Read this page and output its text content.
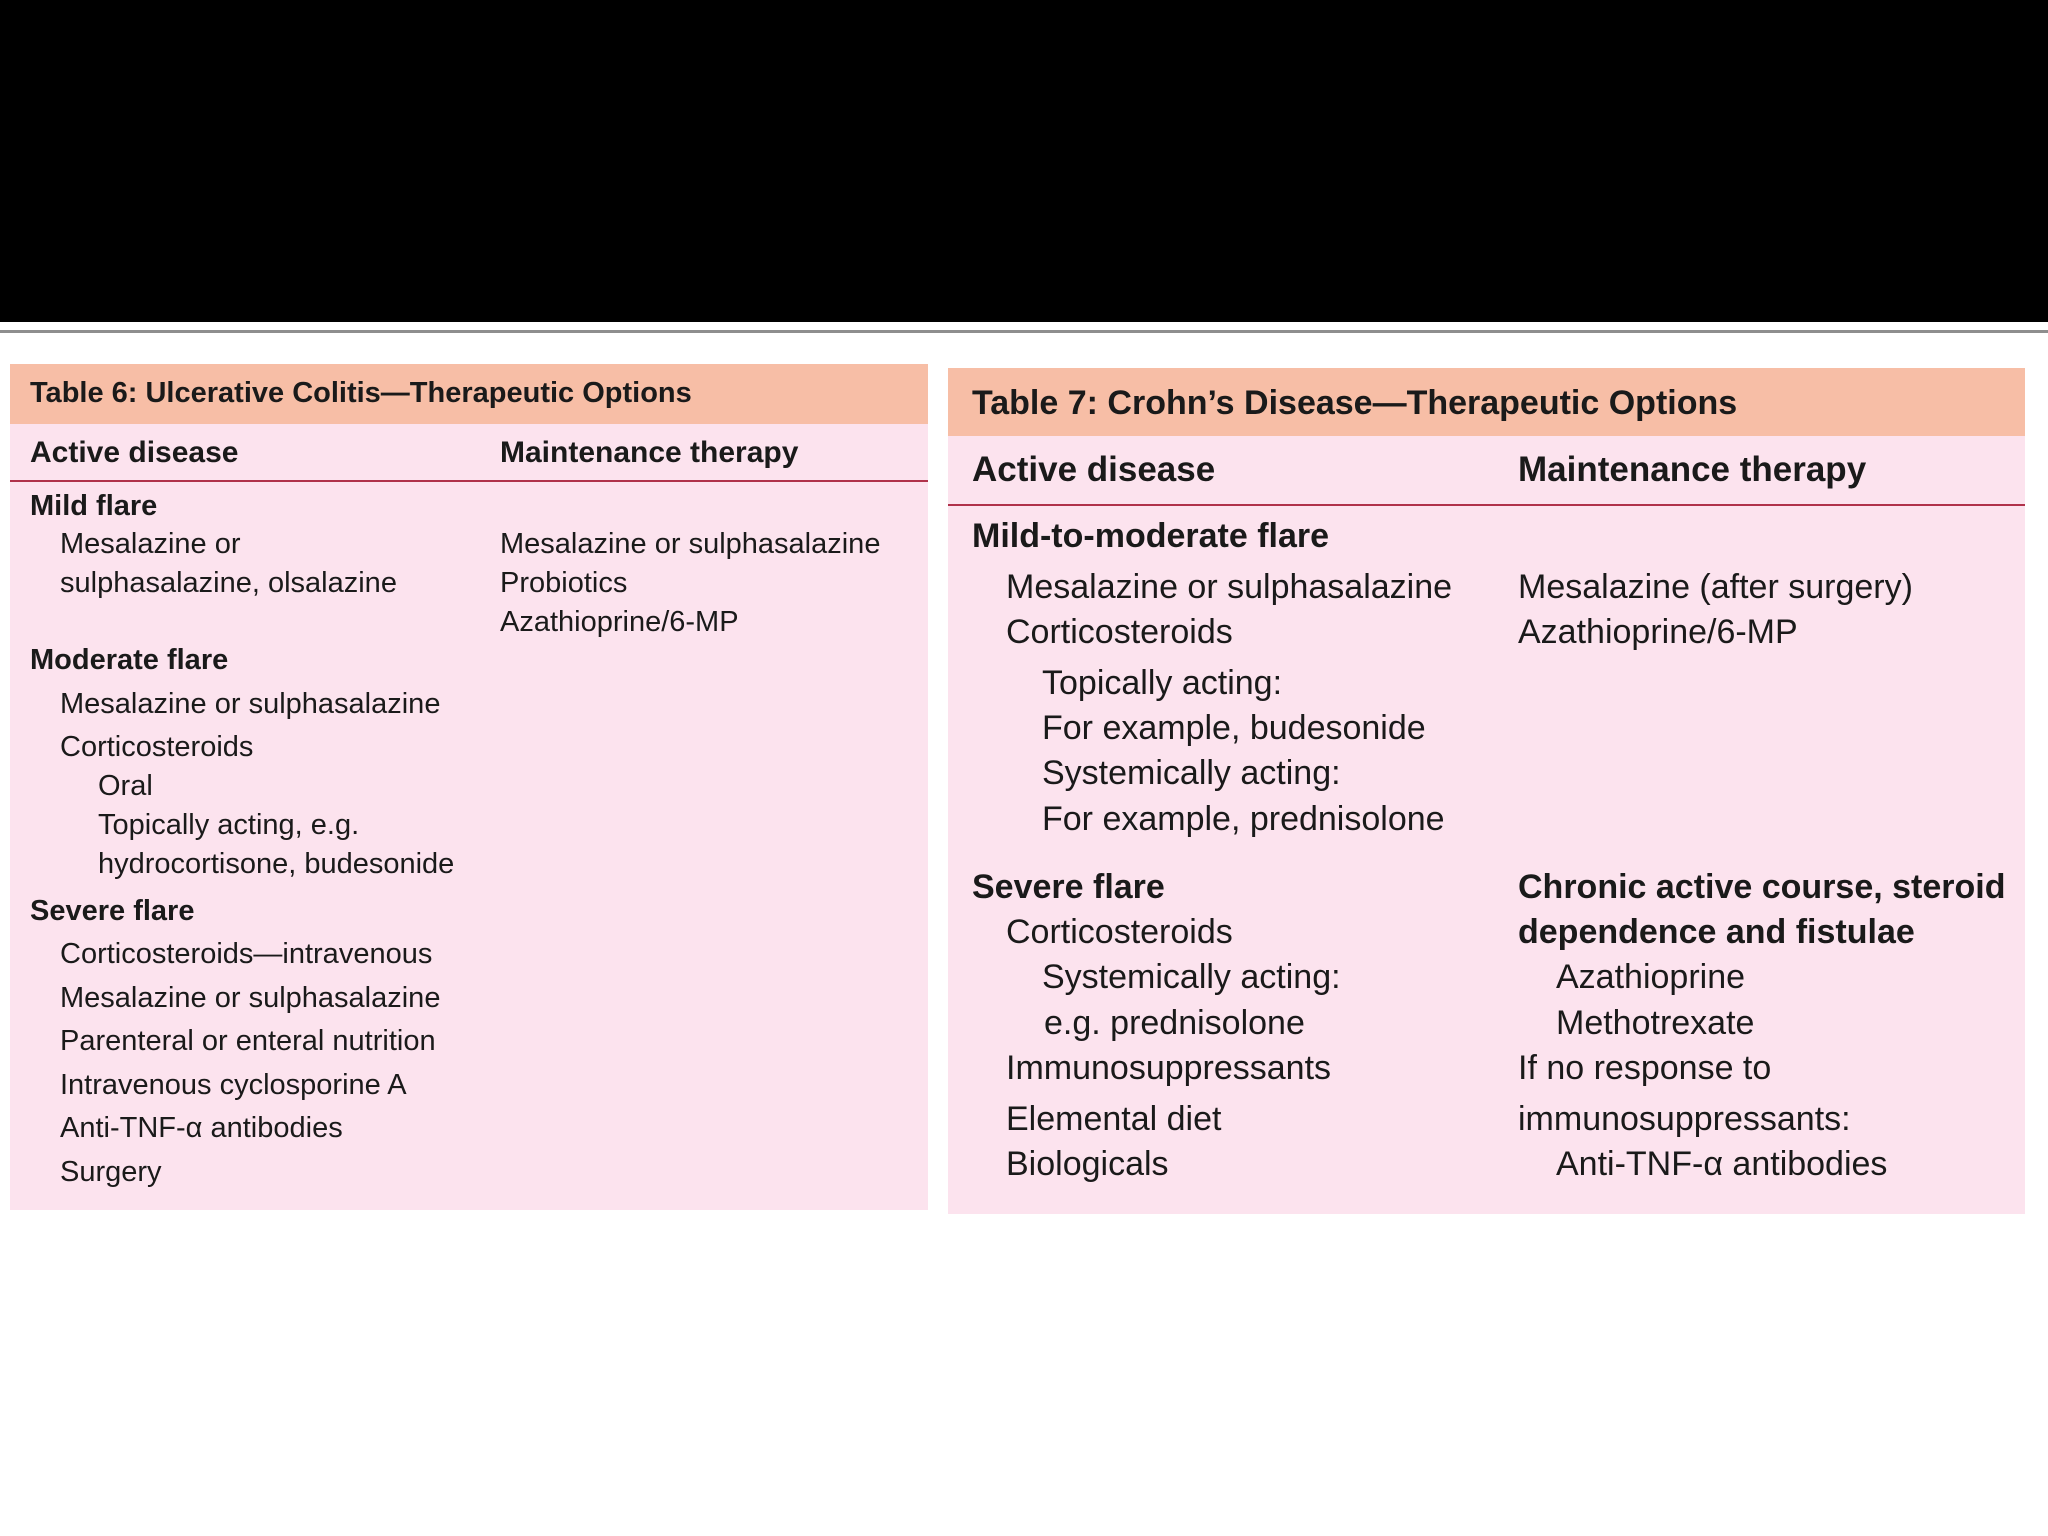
Table 6: Ulcerative Colitis—Therapeutic Options
Active disease	Maintenance therapy
Mild flare
Mesalazine or
sulphasalazine, olsalazine
Mesalazine or sulphasalazine
Probiotics
Azathioprine/6-MP
Moderate flare
Mesalazine or sulphasalazine
Corticosteroids
Oral
Topically acting, e.g.
hydrocortisone, budesonide
Severe flare
Corticosteroids—intravenous
Mesalazine or sulphasalazine
Parenteral or enteral nutrition
Intravenous cyclosporine A
Anti-TNF-α antibodies
Surgery
Table 7: Crohn’s Disease—Therapeutic Options
Active disease	Maintenance therapy
Mild-to-moderate flare
Mesalazine or sulphasalazine
Corticosteroids
Topically acting:
For example, budesonide
Systemically acting:
For example, prednisolone
Mesalazine (after surgery)
Azathioprine/6-MP
Severe flare
Corticosteroids
Systemically acting:
e.g. prednisolone
Immunosuppressants
Elemental diet
Biologicals
Chronic active course, steroid
dependence and fistulae
Azathioprine
Methotrexate
If no response to
immunosuppressants:
Anti-TNF-α antibodies
